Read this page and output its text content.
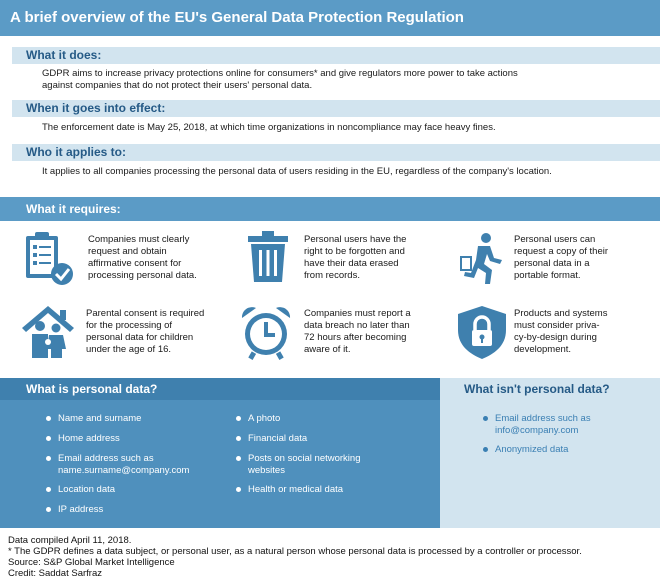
A brief overview of the EU's General Data Protection Regulation
What it does:
GDPR aims to increase privacy protections online for consumers* and give regulators more power to take actions
against companies that do not protect their users' personal data.
When it goes into effect:
The enforcement date is May 25, 2018, at which time organizations in noncompliance may face heavy fines.
Who it applies to:
It applies to all companies processing the personal data of users residing in the EU, regardless of the company's location.
What it requires:
Companies must clearly
request and obtain
affirmative consent for
processing personal data.
Personal users have the
right to be forgotten and
have their data erased
from records.
Personal users can
request a copy of their
personal data in a
portable format.
Parental consent is required
for the processing of
personal data for children
under the age of 16.
Companies must report a
data breach no later than
72 hours after becoming
aware of it.
Products and systems
must consider priva-
cy-by-design during
development.
What is personal data?
Name and surname
Home address
Email address such as
name.surname@company.com
Location data
IP address
A photo
Financial data
Posts on social networking
websites
Health or medical data
What isn't personal data?
Email address such as
info@company.com
Anonymized data
Data compiled April 11, 2018.
* The GDPR defines a data subject, or personal user, as a natural person whose personal data is processed by a controller or processor.
Source: S&P Global Market Intelligence
Credit: Saddat Sarfraz
